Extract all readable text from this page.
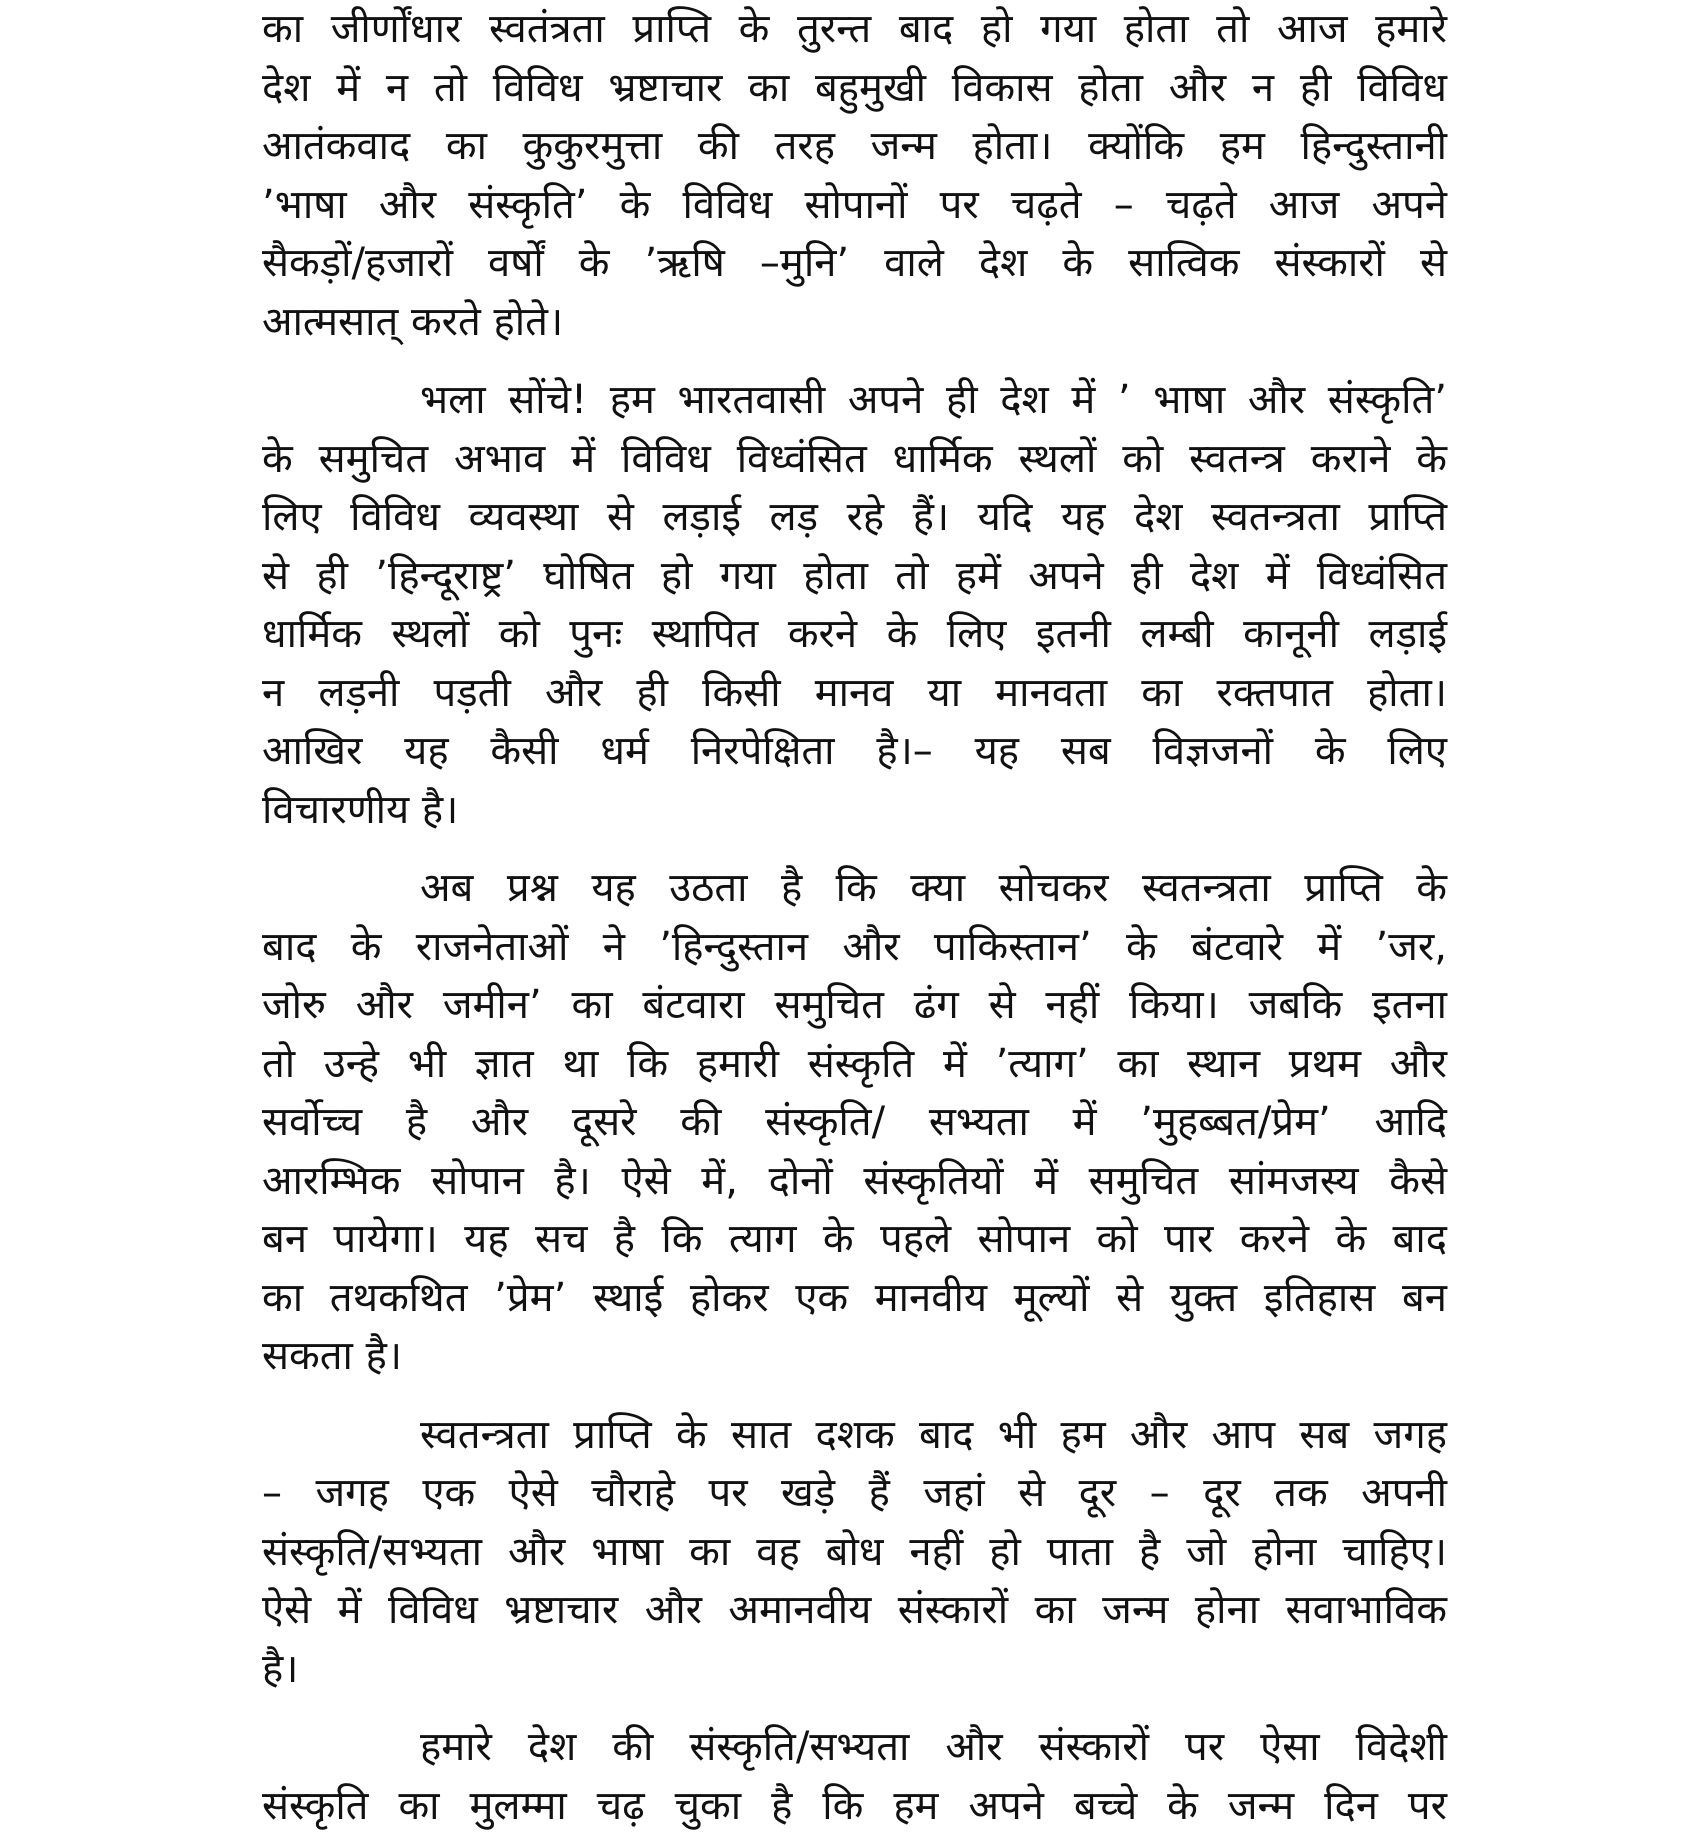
का जीर्णोंधार स्वतंत्रता प्राप्ति के तुरन्त बाद हो गया होता तो आज हमारे
देश में न तो विविध भ्रष्टाचार का बहुमुखी विकास होता और न ही विविध
आतंकवाद का कुकुरमुत्ता की तरह जन्म होता। क्योंकि हम हिन्दुस्तानी
’भाषा और संस्कृति’ के विविध सोपानों पर चढ़ते – चढ़ते आज अपने
सैकड़ों/हजारों वर्षों के ’ऋषि –मुनि’ वाले देश के सात्विक संस्कारों से
आत्मसात् करते होते।
भला सोंचे! हम भारतवासी अपने ही देश में ’ भाषा और संस्कृति’
के समुचित अभाव में विविध विध्वंसित धार्मिक स्थलों को स्वतन्त्र कराने के
लिए विविध व्यवस्था से लड़ाई लड़ रहे हैं। यदि यह देश स्वतन्त्रता प्राप्ति
से ही ’हिन्दूराष्ट्र’ घोषित हो गया होता तो हमें अपने ही देश में विध्वंसित
धार्मिक स्थलों को पुनः स्थापित करने के लिए इतनी लम्बी कानूनी लड़ाई
न लड़नी पड़ती और ही किसी मानव या मानवता का रक्तपात होता।
आखिर यह कैसी धर्म निरपेक्षिता है।– यह सब विज्ञजनों के लिए
विचारणीय है।
अब प्रश्न यह उठता है कि क्या सोचकर स्वतन्त्रता प्राप्ति के
बाद के राजनेताओं ने ’हिन्दुस्तान और पाकिस्तान’ के बंटवारे में ’जर,
जोरु और जमीन’ का बंटवारा समुचित ढंग से नहीं किया। जबकि इतना
तो उन्हे भी ज्ञात था कि हमारी संस्कृति में ’त्याग’ का स्थान प्रथम और
सर्वोच्च है और दूसरे की संस्कृति/ सभ्यता में ’मुहब्बत/प्रेम’ आदि
आरम्भिक सोपान है। ऐसे में, दोनों संस्कृतियों में समुचित सांमजस्य कैसे
बन पायेगा। यह सच है कि त्याग के पहले सोपान को पार करने के बाद
का तथकथित ’प्रेम’ स्थाई होकर एक मानवीय मूल्यों से युक्त इतिहास बन
सकता है।
स्वतन्त्रता प्राप्ति के सात दशक बाद भी हम और आप सब जगह
– जगह एक ऐसे चौराहे पर खड़े हैं जहां से दूर – दूर तक अपनी
संस्कृति/सभ्यता और भाषा का वह बोध नहीं हो पाता है जो होना चाहिए।
ऐसे में विविध भ्रष्टाचार और अमानवीय संस्कारों का जन्म होना सवाभाविक
है।
हमारे देश की संस्कृति/सभ्यता और संस्कारों पर ऐसा विदेशी
संस्कृति का मुलम्मा चढ़ चुका है कि हम अपने बच्चे के जन्म दिन पर
